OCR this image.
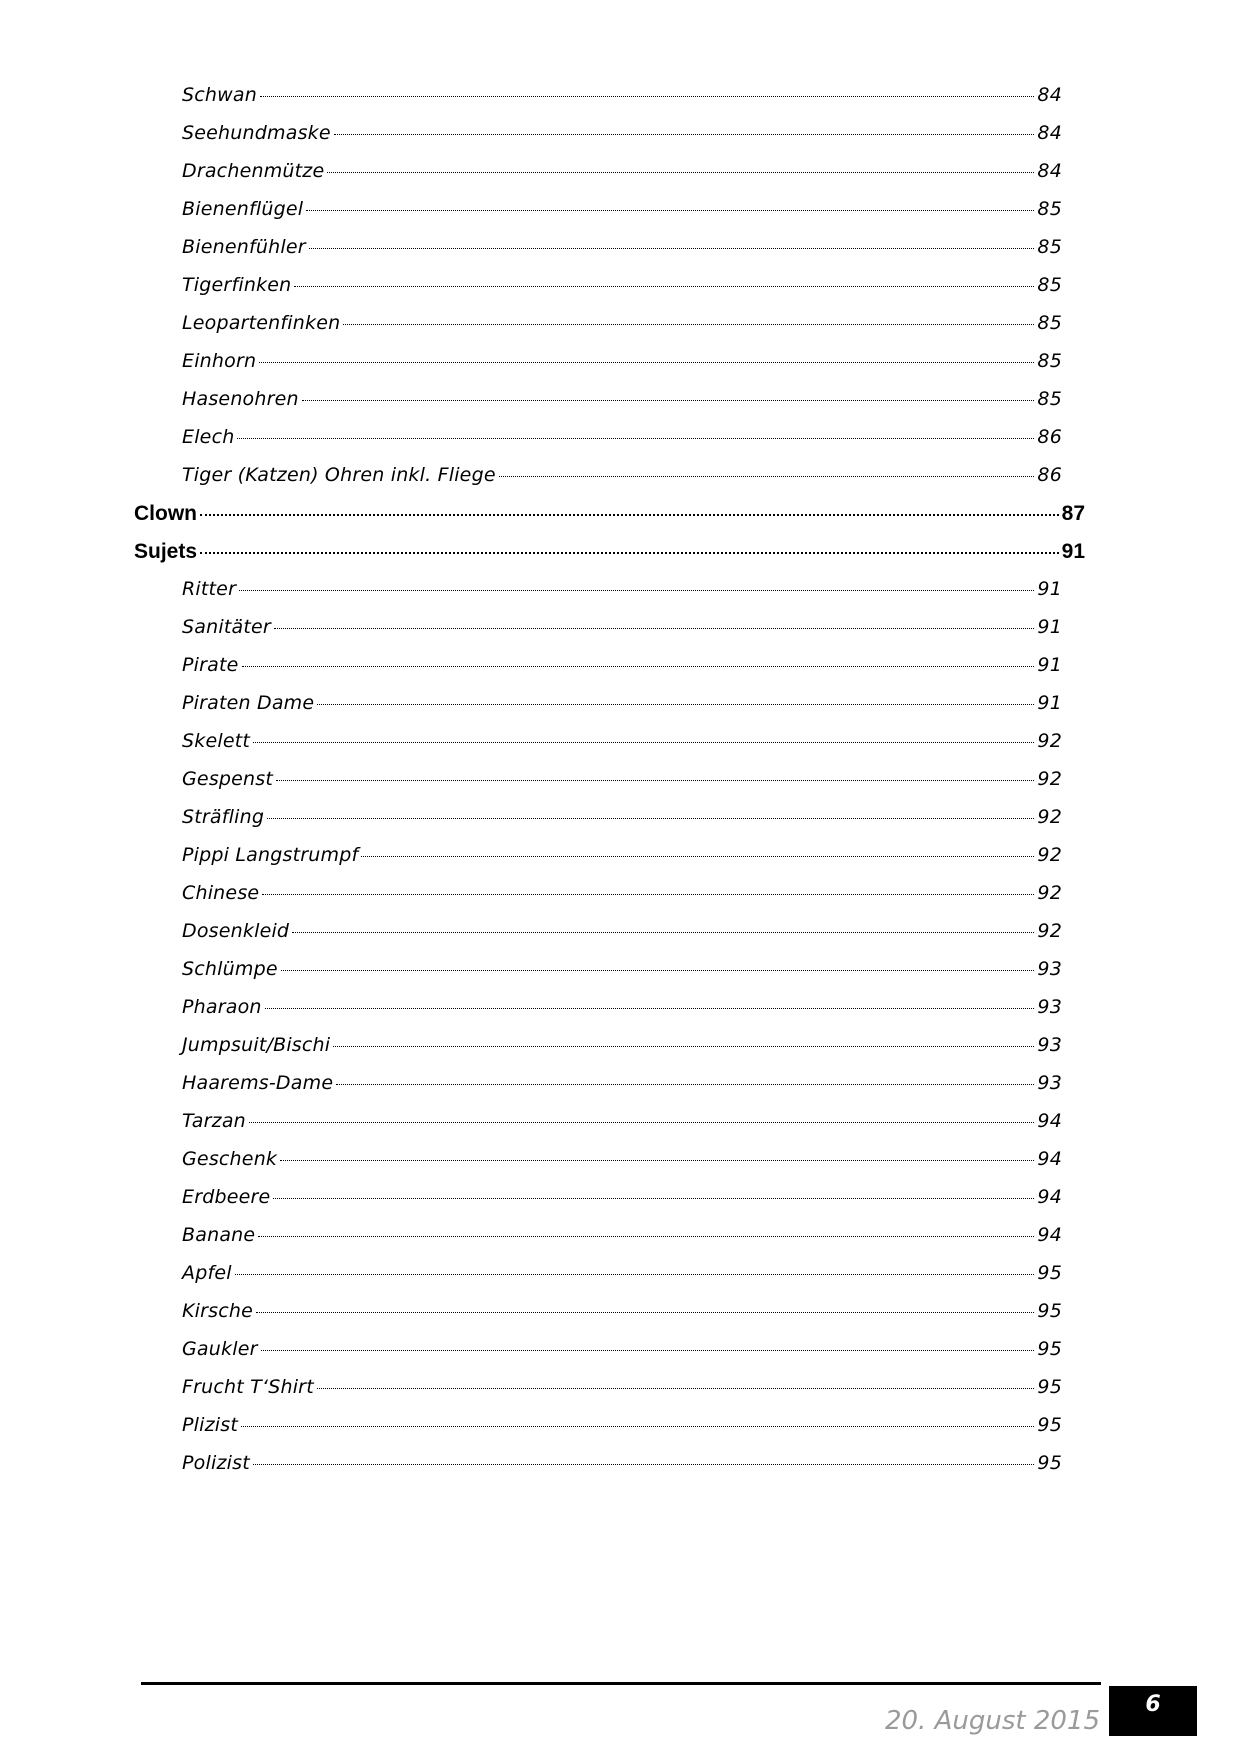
Schwan	84
Seehundmaske	84
Drachenmütze	84
Bienenflügel	85
Bienenfühler	85
Tigerfinken	85
Leopartenfinken	85
Einhorn	85
Hasenohren	85
Elech	86
Tiger (Katzen) Ohren inkl. Fliege	86
Clown	87
Sujets	91
Ritter	91
Sanitäter	91
Pirate	91
Piraten Dame	91
Skelett	92
Gespenst	92
Sträfling	92
Pippi Langstrumpf	92
Chinese	92
Dosenkleid	92
Schlümpe	93
Pharaon	93
Jumpsuit/Bischi	93
Haarems-Dame	93
Tarzan	94
Geschenk	94
Erdbeere	94
Banane	94
Apfel	95
Kirsche	95
Gaukler	95
Frucht T‘Shirt	95
Plizist	95
Polizist	95
20. August 2015
6
